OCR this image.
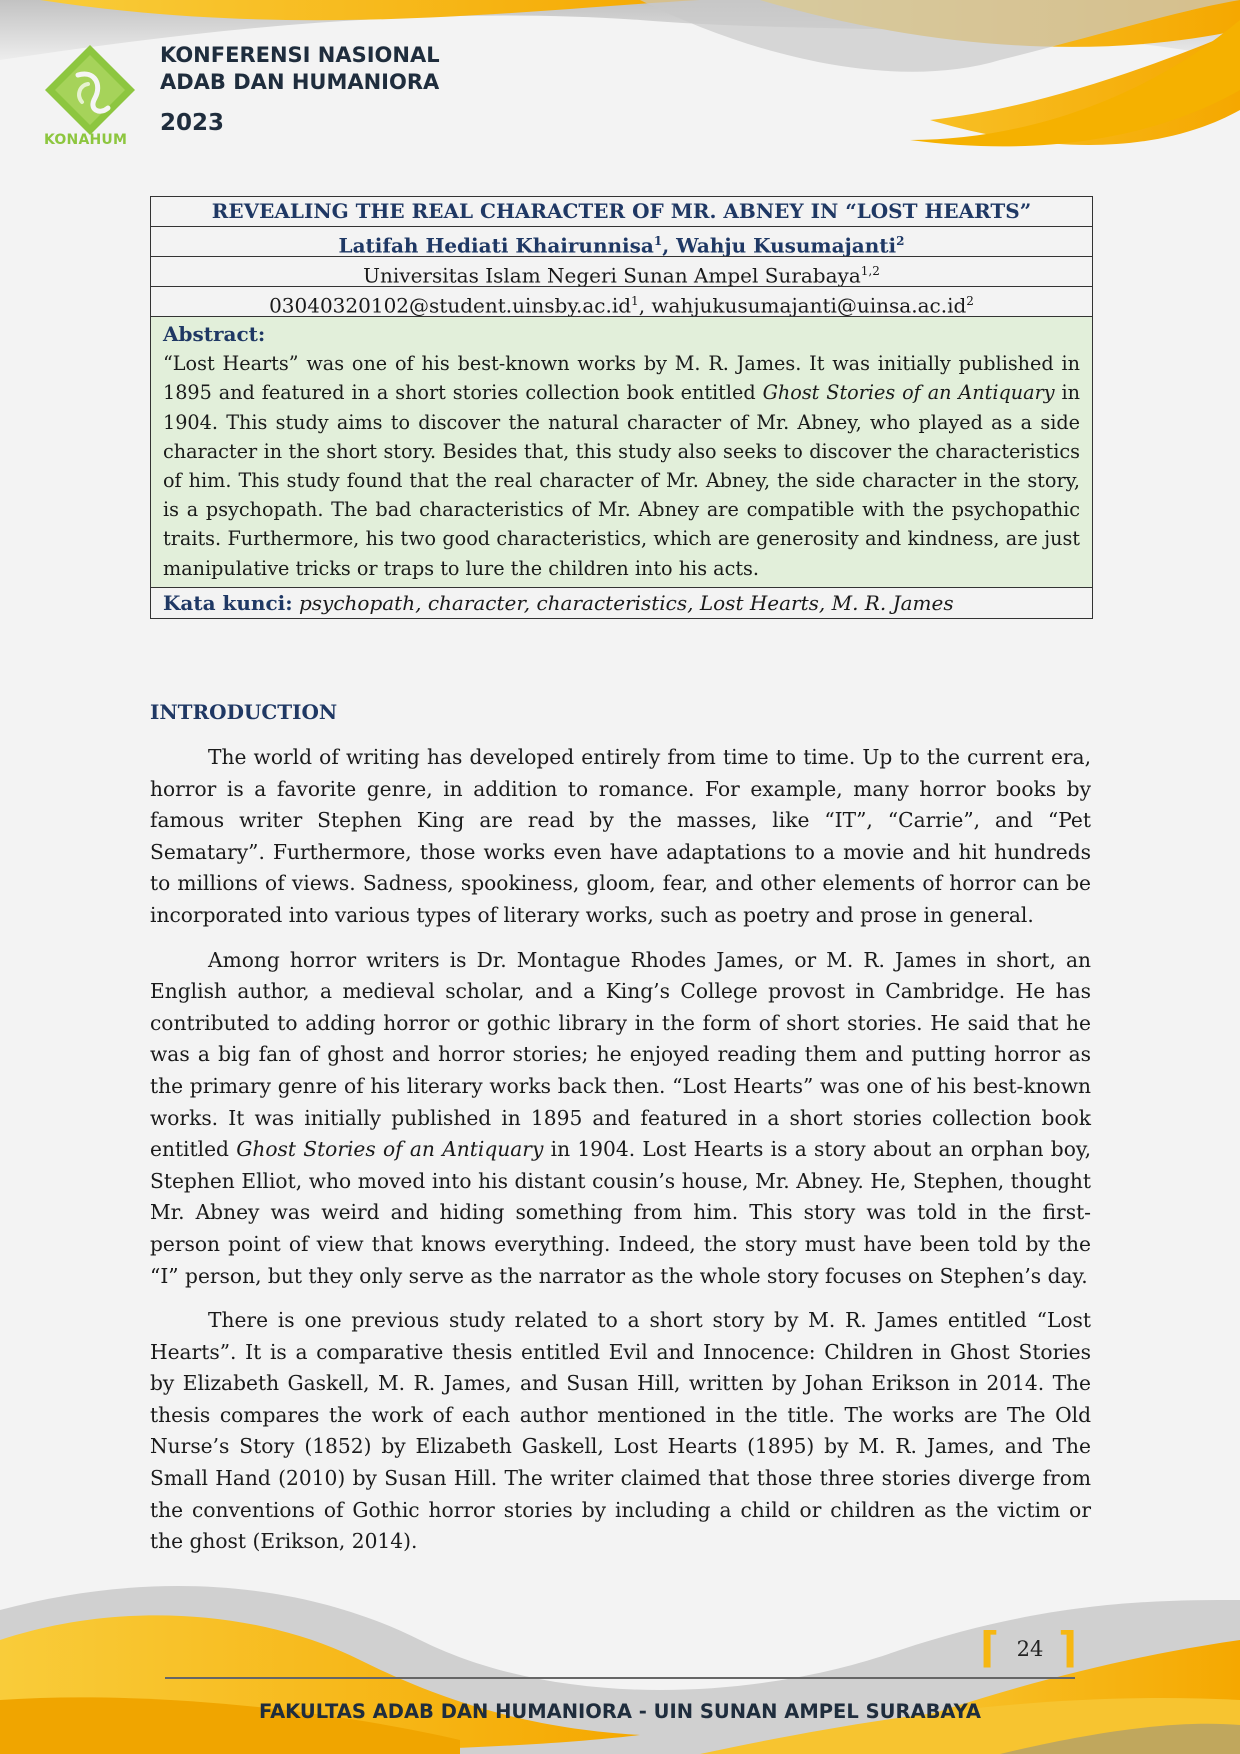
KONAHUM
KONFERENSI NASIONAL
ADAB DAN HUMANIORA
2023
REVEALING THE REAL CHARACTER OF MR. ABNEY IN “LOST HEARTS”
Latifah Hediati Khairunnisa$^1$, Wahju Kusumajanti$^2$
Universitas Islam Negeri Sunan Ampel Surabaya$^{1,2}$
$03040320102@student.uinsby.ac.id^1$, $wahjukusumajanti@uinsa.ac.id^2$
Abstract:
“Lost Hearts” was one of his best-known works by M. R. James. It was initially published in 1895 and featured in a short stories collection book entitled Ghost Stories of an Antiquary in 1904. This study aims to discover the natural character of Mr. Abney, who played as a side character in the short story. Besides that, this study also seeks to discover the characteristics of him. This study found that the real character of Mr. Abney, the side character in the story, is a psychopath. The bad characteristics of Mr. Abney are compatible with the psychopathic traits. Furthermore, his two good characteristics, which are generosity and kindness, are just manipulative tricks or traps to lure the children into his acts.
Kata kunci: psychopath, character, characteristics, Lost Hearts, M. R. James
INTRODUCTION

The world of writing has developed entirely from time to time. Up to the current era, horror is a favorite genre, in addition to romance. For example, many horror books by famous writer Stephen King are read by the masses, like “IT”, “Carrie”, and “Pet Sematary”. Furthermore, those works even have adaptations to a movie and hit hundreds to millions of views. Sadness, spookiness, gloom, fear, and other elements of horror can be incorporated into various types of literary works, such as poetry and prose in general.

Among horror writers is Dr. Montague Rhodes James, or M. R. James in short, an English author, a medieval scholar, and a King’s College provost in Cambridge. He has contributed to adding horror or gothic library in the form of short stories. He said that he was a big fan of ghost and horror stories; he enjoyed reading them and putting horror as the primary genre of his literary works back then. “Lost Hearts” was one of his best-known works. It was initially published in 1895 and featured in a short stories collection book entitled Ghost Stories of an Antiquary in 1904. Lost Hearts is a story about an orphan boy, Stephen Elliot, who moved into his distant cousin’s house, Mr. Abney. He, Stephen, thought Mr. Abney was weird and hiding something from him. This story was told in the first-person point of view that knows everything. Indeed, the story must have been told by the “I” person, but they only serve as the narrator as the whole story focuses on Stephen’s day.

There is one previous study related to a short story by M. R. James entitled “Lost Hearts”. It is a comparative thesis entitled Evil and Innocence: Children in Ghost Stories by Elizabeth Gaskell, M. R. James, and Susan Hill, written by Johan Erikson in 2014. The thesis compares the work of each author mentioned in the title. The works are The Old Nurse’s Story (1852) by Elizabeth Gaskell, Lost Hearts (1895) by M. R. James, and The Small Hand (2010) by Susan Hill. The writer claimed that those three stories diverge from the conventions of Gothic horror stories by including a child or children as the victim or the ghost (Erikson, 2014).

⌈ 24 ⌉
FAKULTAS ADAB DAN HUMANIORA - UIN SUNAN AMPEL SURABAYA
